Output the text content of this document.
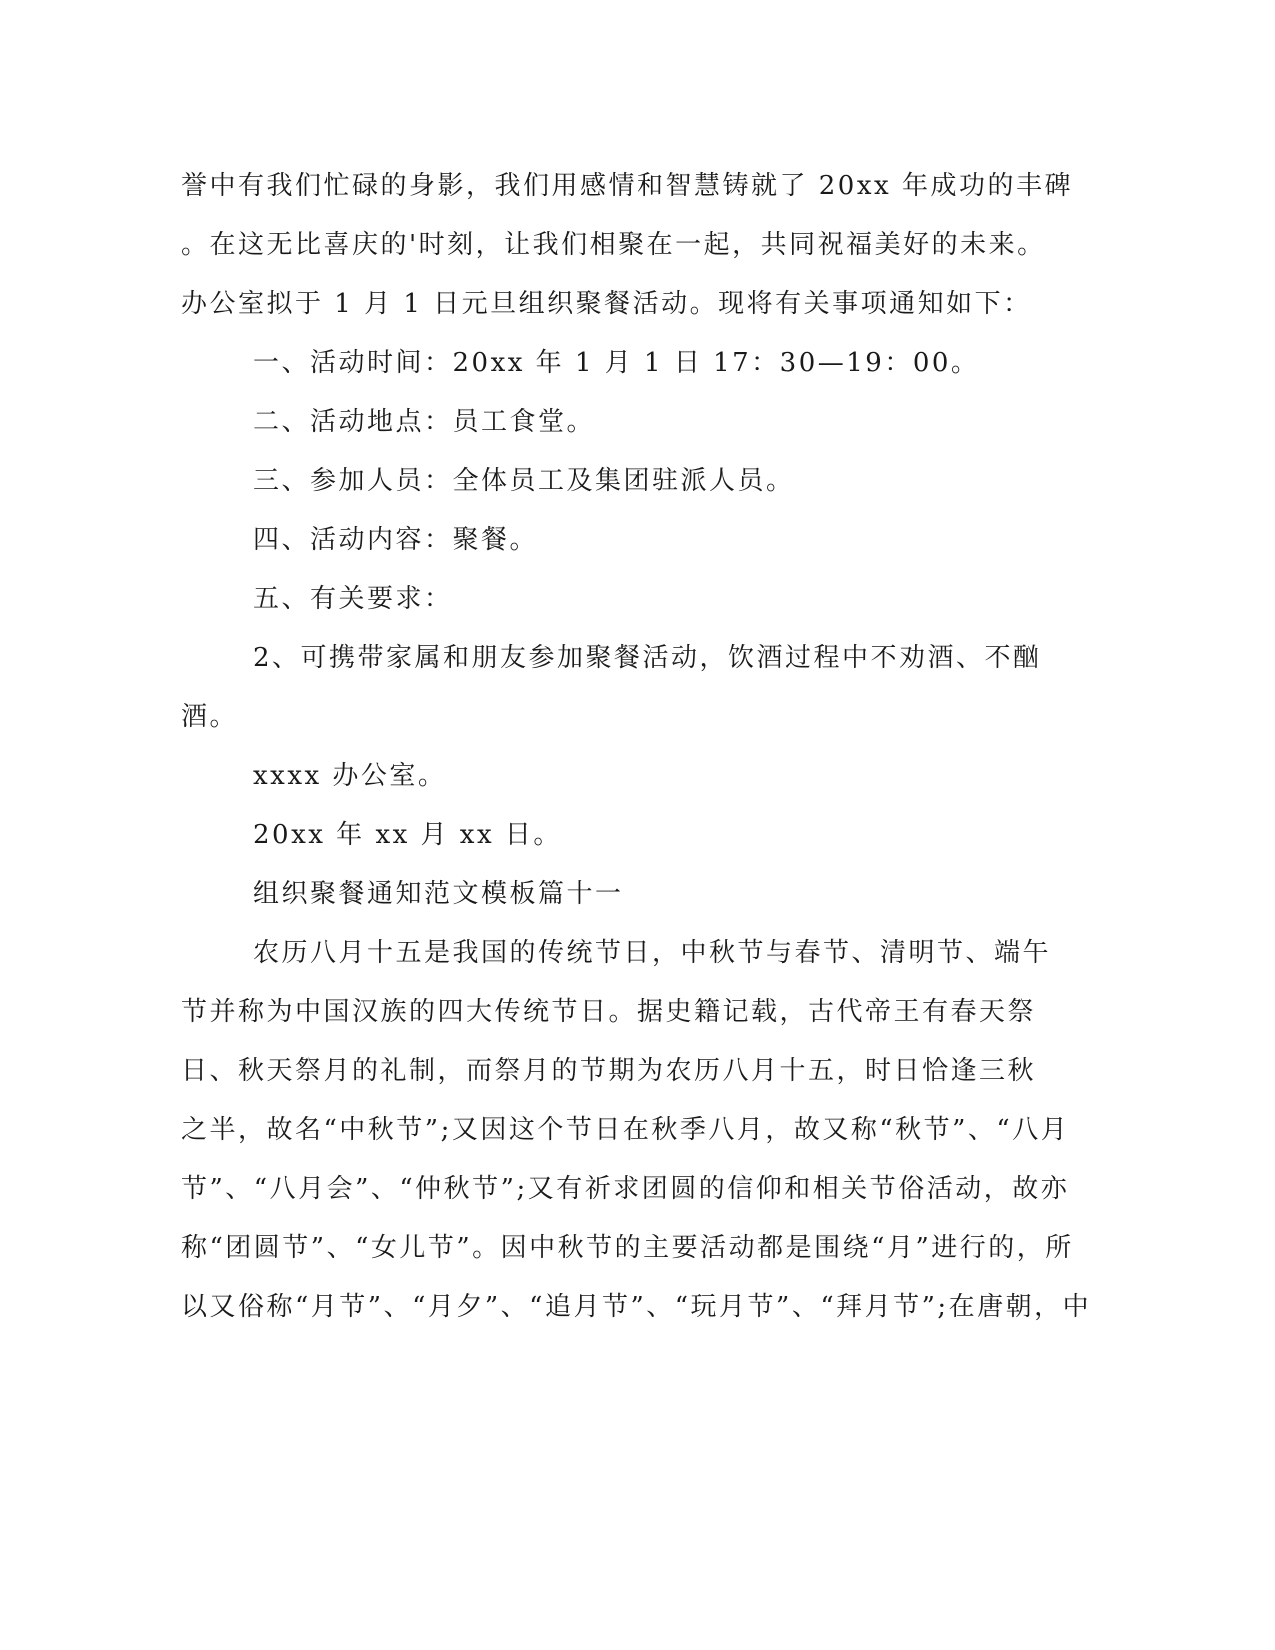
誉中有我们忙碌的身影，我们用感情和智慧铸就了 20xx 年成功的丰碑
。在这无比喜庆的'时刻，让我们相聚在一起，共同祝福美好的未来。
办公室拟于 1 月 1 日元旦组织聚餐活动。现将有关事项通知如下：
一、活动时间：20xx 年 1 月 1 日 17：30—19：00。
二、活动地点：员工食堂。
三、参加人员：全体员工及集团驻派人员。
四、活动内容：聚餐。
五、有关要求：
2、可携带家属和朋友参加聚餐活动，饮酒过程中不劝酒、不酗
酒。
xxxx 办公室。
20xx 年 xx 月 xx 日。
组织聚餐通知范文模板篇十一
农历八月十五是我国的传统节日，中秋节与春节、清明节、端午
节并称为中国汉族的四大传统节日。据史籍记载，古代帝王有春天祭
日、秋天祭月的礼制，而祭月的节期为农历八月十五，时日恰逢三秋
之半，故名“中秋节”;又因这个节日在秋季八月，故又称“秋节”、“八月
节”、“八月会”、“仲秋节”;又有祈求团圆的信仰和相关节俗活动，故亦
称“团圆节”、“女儿节”。因中秋节的主要活动都是围绕“月”进行的，所
以又俗称“月节”、“月夕”、“追月节”、“玩月节”、“拜月节”;在唐朝，中
